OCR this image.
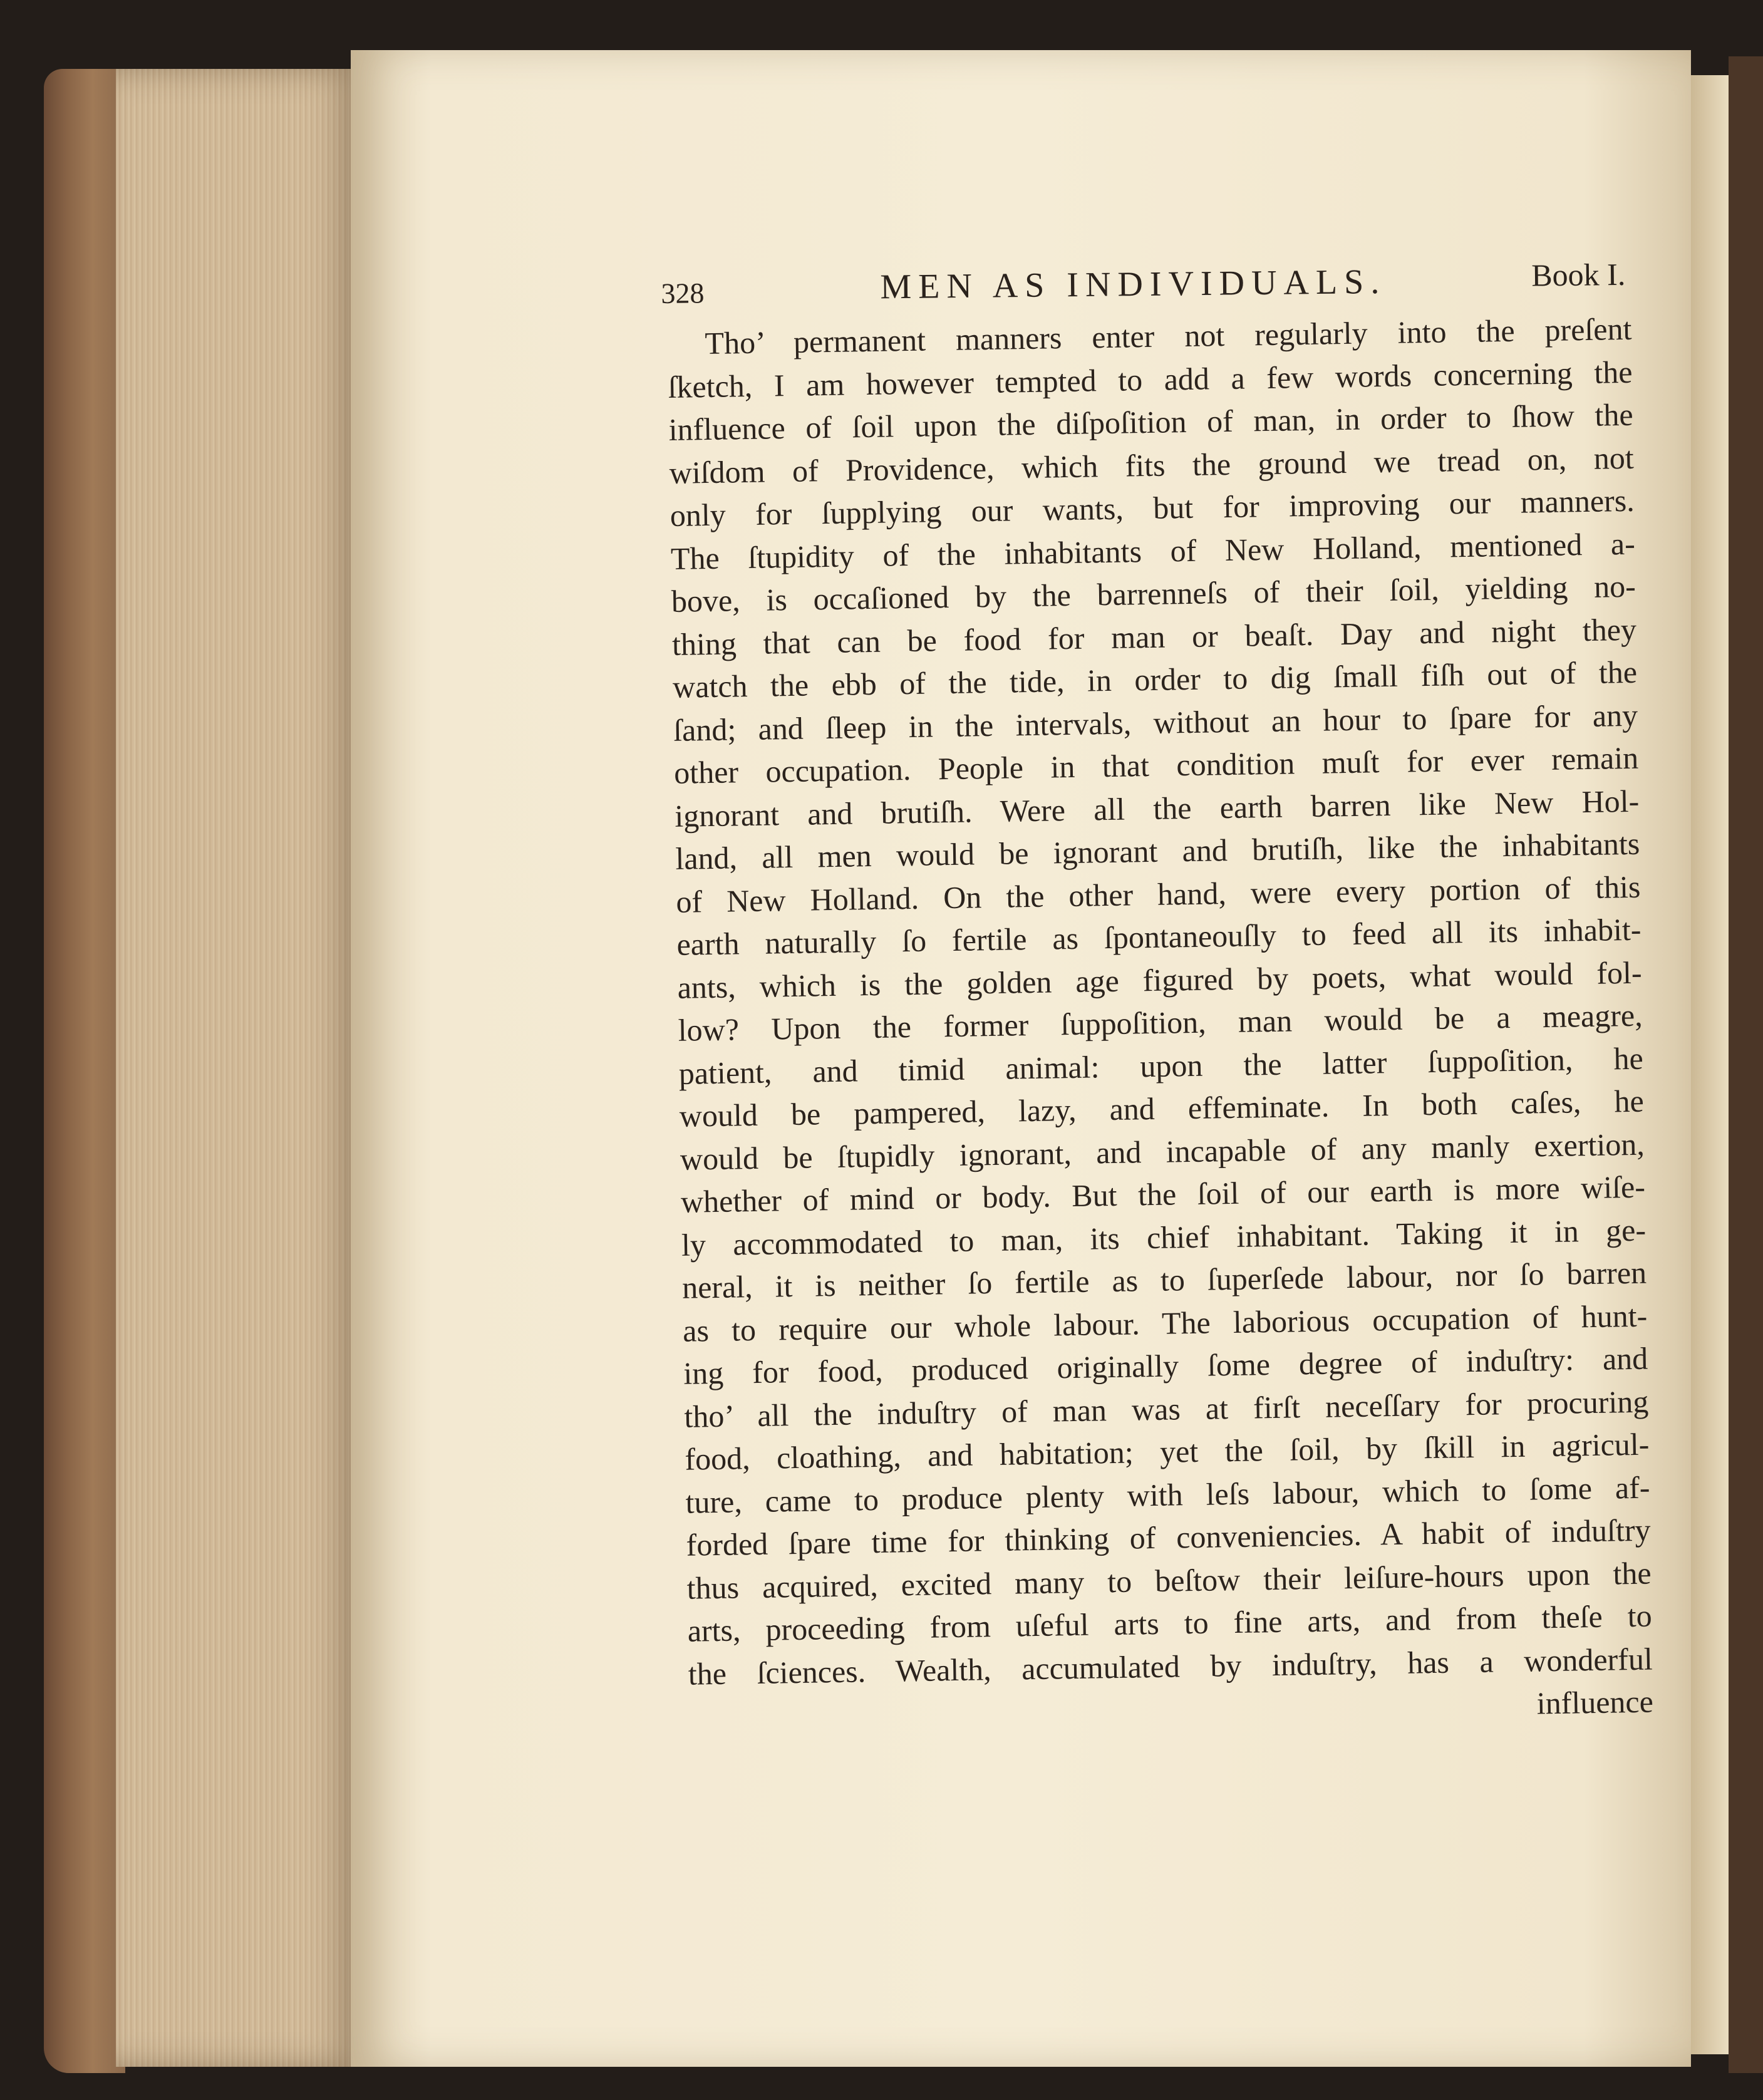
328	MEN AS INDIVIDUALS.	Book I.
Tho’ permanent manners enter not regularly into the preſent
ſketch, I am however tempted to add a few words concerning the
influence of ſoil upon the diſpoſition of man, in order to ſhow the
wiſdom of Providence, which fits the ground we tread on, not
only for ſupplying our wants, but for improving our manners.
The ſtupidity of the inhabitants of New Holland, mentioned a-
bove, is occaſioned by the barrenneſs of their ſoil, yielding no-
thing that can be food for man or beaſt. Day and night they
watch the ebb of the tide, in order to dig ſmall fiſh out of the
ſand; and ſleep in the intervals, without an hour to ſpare for any
other occupation. People in that condition muſt for ever remain
ignorant and brutiſh. Were all the earth barren like New Hol-
land, all men would be ignorant and brutiſh, like the inhabitants
of New Holland. On the other hand, were every portion of this
earth naturally ſo fertile as ſpontaneouſly to feed all its inhabit-
ants, which is the golden age figured by poets, what would fol-
low? Upon the former ſuppoſition, man would be a meagre,
patient, and timid animal: upon the latter ſuppoſition, he
would be pampered, lazy, and effeminate. In both caſes, he
would be ſtupidly ignorant, and incapable of any manly exertion,
whether of mind or body. But the ſoil of our earth is more wiſe-
ly accommodated to man, its chief inhabitant. Taking it in ge-
neral, it is neither ſo fertile as to ſuperſede labour, nor ſo barren
as to require our whole labour. The laborious occupation of hunt-
ing for food, produced originally ſome degree of induſtry: and
tho’ all the induſtry of man was at firſt neceſſary for procuring
food, cloathing, and habitation; yet the ſoil, by ſkill in agricul-
ture, came to produce plenty with leſs labour, which to ſome af-
forded ſpare time for thinking of conveniencies. A habit of induſtry
thus acquired, excited many to beſtow their leiſure-hours upon the
arts, proceeding from uſeful arts to fine arts, and from theſe to
the ſciences. Wealth, accumulated by induſtry, has a wonderful
influence
